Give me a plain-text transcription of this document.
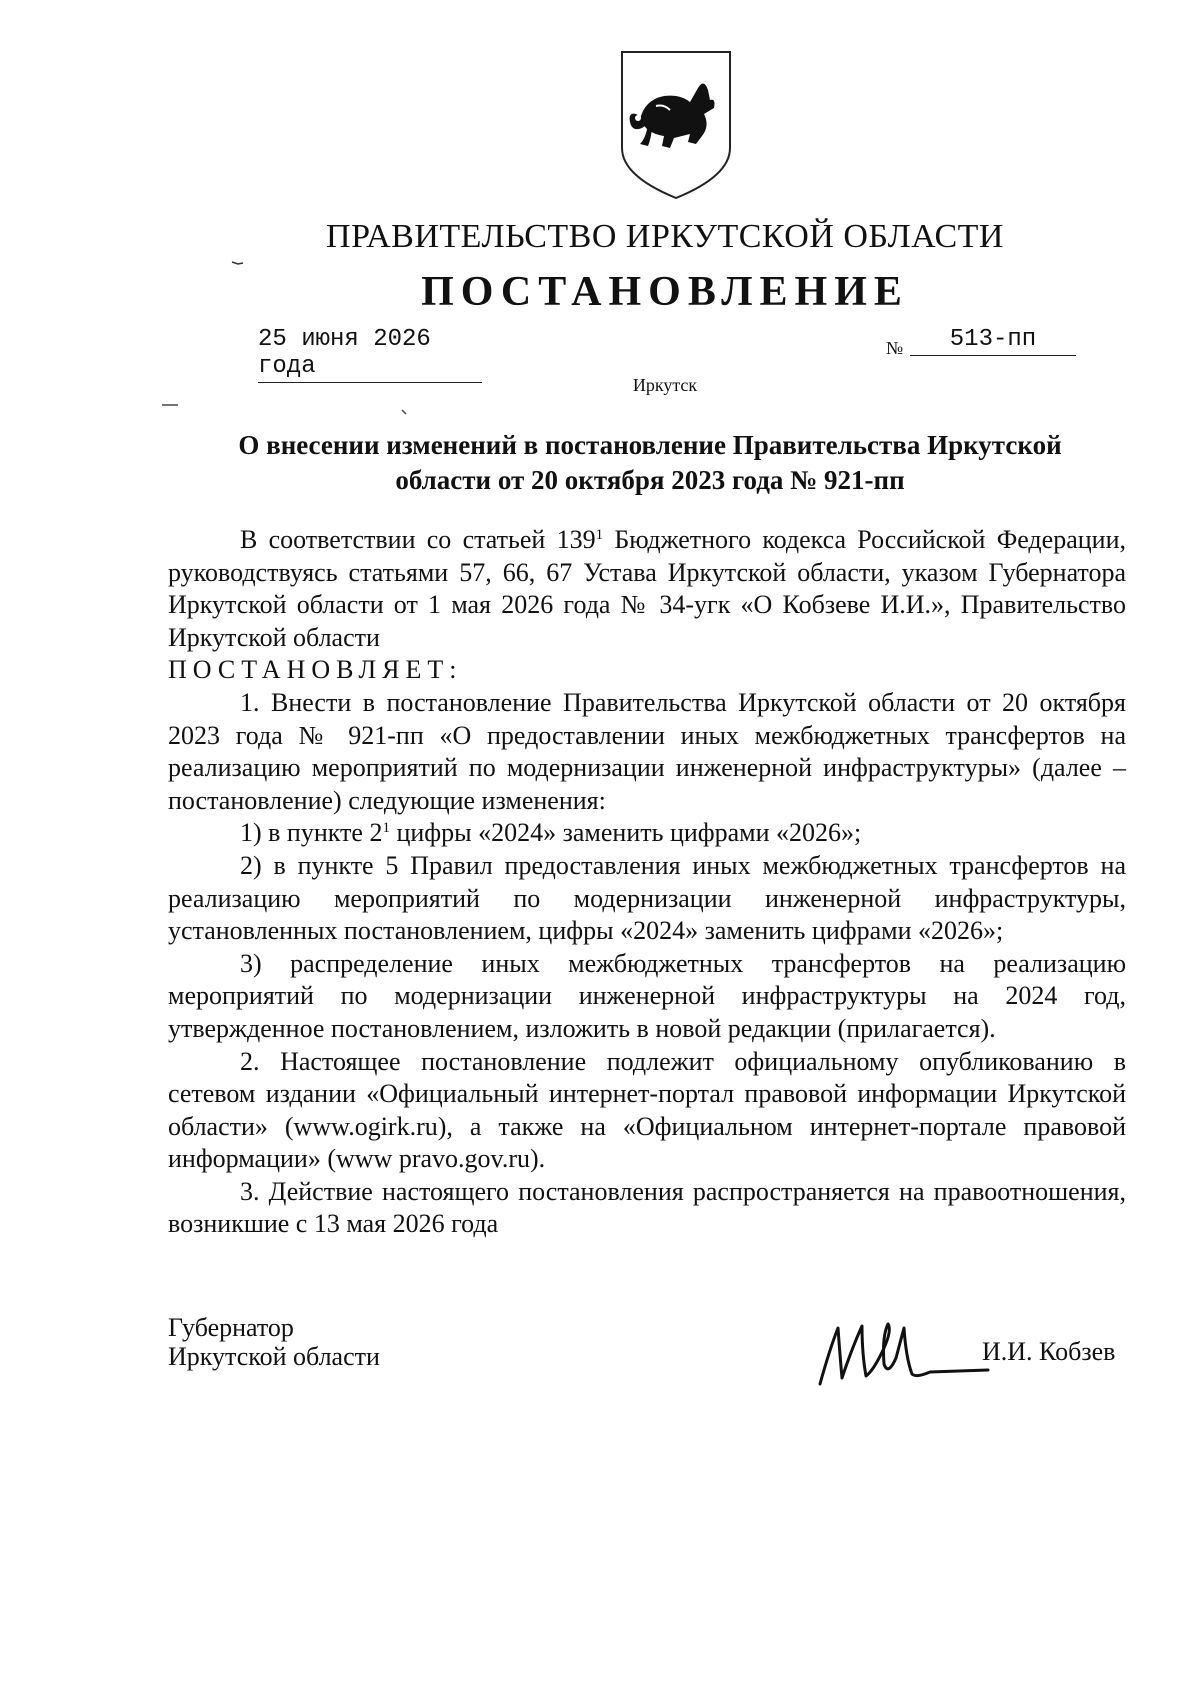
ПРАВИТЕЛЬСТВО ИРКУТСКОЙ ОБЛАСТИ
ПОСТАНОВЛЕНИЕ
25 июня 2026 года
№	513-пп
Иркутск
О внесении изменений в постановление Правительства Иркутской
области от 20 октября 2023 года № 921-пп

В соответствии со статьей $139^1$ Бюджетного кодекса Российской Федерации, руководствуясь статьями 57, 66, 67 Устава Иркутской области, указом Губернатора Иркутской области от 1 мая 2026 года № 34-угк «О Кобзеве И.И.», Правительство Иркутской области

ПОСТАНОВЛЯЕТ:

1. Внести в постановление Правительства Иркутской области от 20 октября 2023 года № 921-пп «О предоставлении иных межбюджетных трансфертов на реализацию мероприятий по модернизации инженерной инфраструктуры» (далее – постановление) следующие изменения:

1) в пункте $2^1$ цифры «2024» заменить цифрами «2026»;

2) в пункте 5 Правил предоставления иных межбюджетных трансфертов на реализацию мероприятий по модернизации инженерной инфраструктуры, установленных постановлением, цифры «2024» заменить цифрами «2026»;

3) распределение иных межбюджетных трансфертов на реализацию мероприятий по модернизации инженерной инфраструктуры на 2024 год, утвержденное постановлением, изложить в новой редакции (прилагается).

2. Настоящее постановление подлежит официальному опубликованию в сетевом издании «Официальный интернет-портал правовой информации Иркутской области» (www.ogirk.ru), а также на «Официальном интернет-портале правовой информации» (www pravo.gov.ru).

3. Действие настоящего постановления распространяется на правоотношения, возникшие с 13 мая 2026 года

Губернатор
Иркутской области	И.И. Кобзев
